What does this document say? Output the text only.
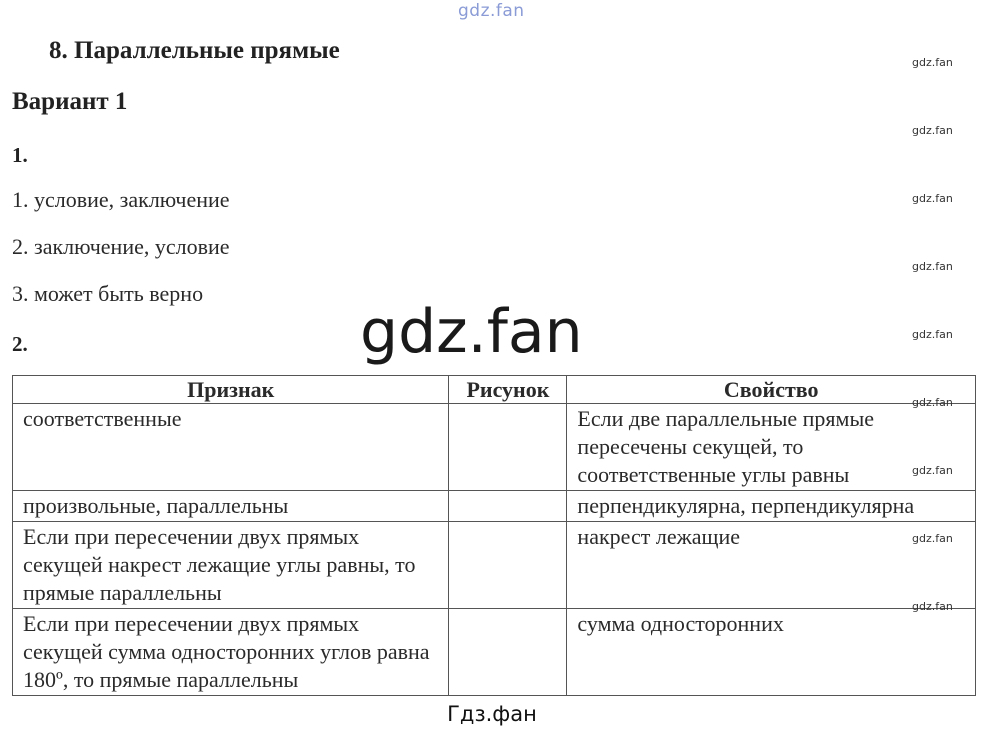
gdz.fan
gdz.fan
gdz.fan
gdz.fan
gdz.fan
gdz.fan
8. Параллельные прямые
Вариант 1
1.
1. условие, заключение
2. заключение, условие
3. может быть верно
2.
Признак	Рисунок	Свойство
соответственные		Если две параллельные прямые пересечены секущей, то соответственные углы равны
произвольные, параллельны		перпендикулярна, перпендикулярна
Если при пересечении двух прямых секущей накрест лежащие углы равны, то прямые параллельны		накрест лежащие
Если при пересечении двух прямых секущей сумма односторонних углов равна 180º, то прямые параллельны		сумма односторонних
gdz.fan
gdz.fan
gdz.fan
gdz.fan
gdz.fan
Гдз.фан
